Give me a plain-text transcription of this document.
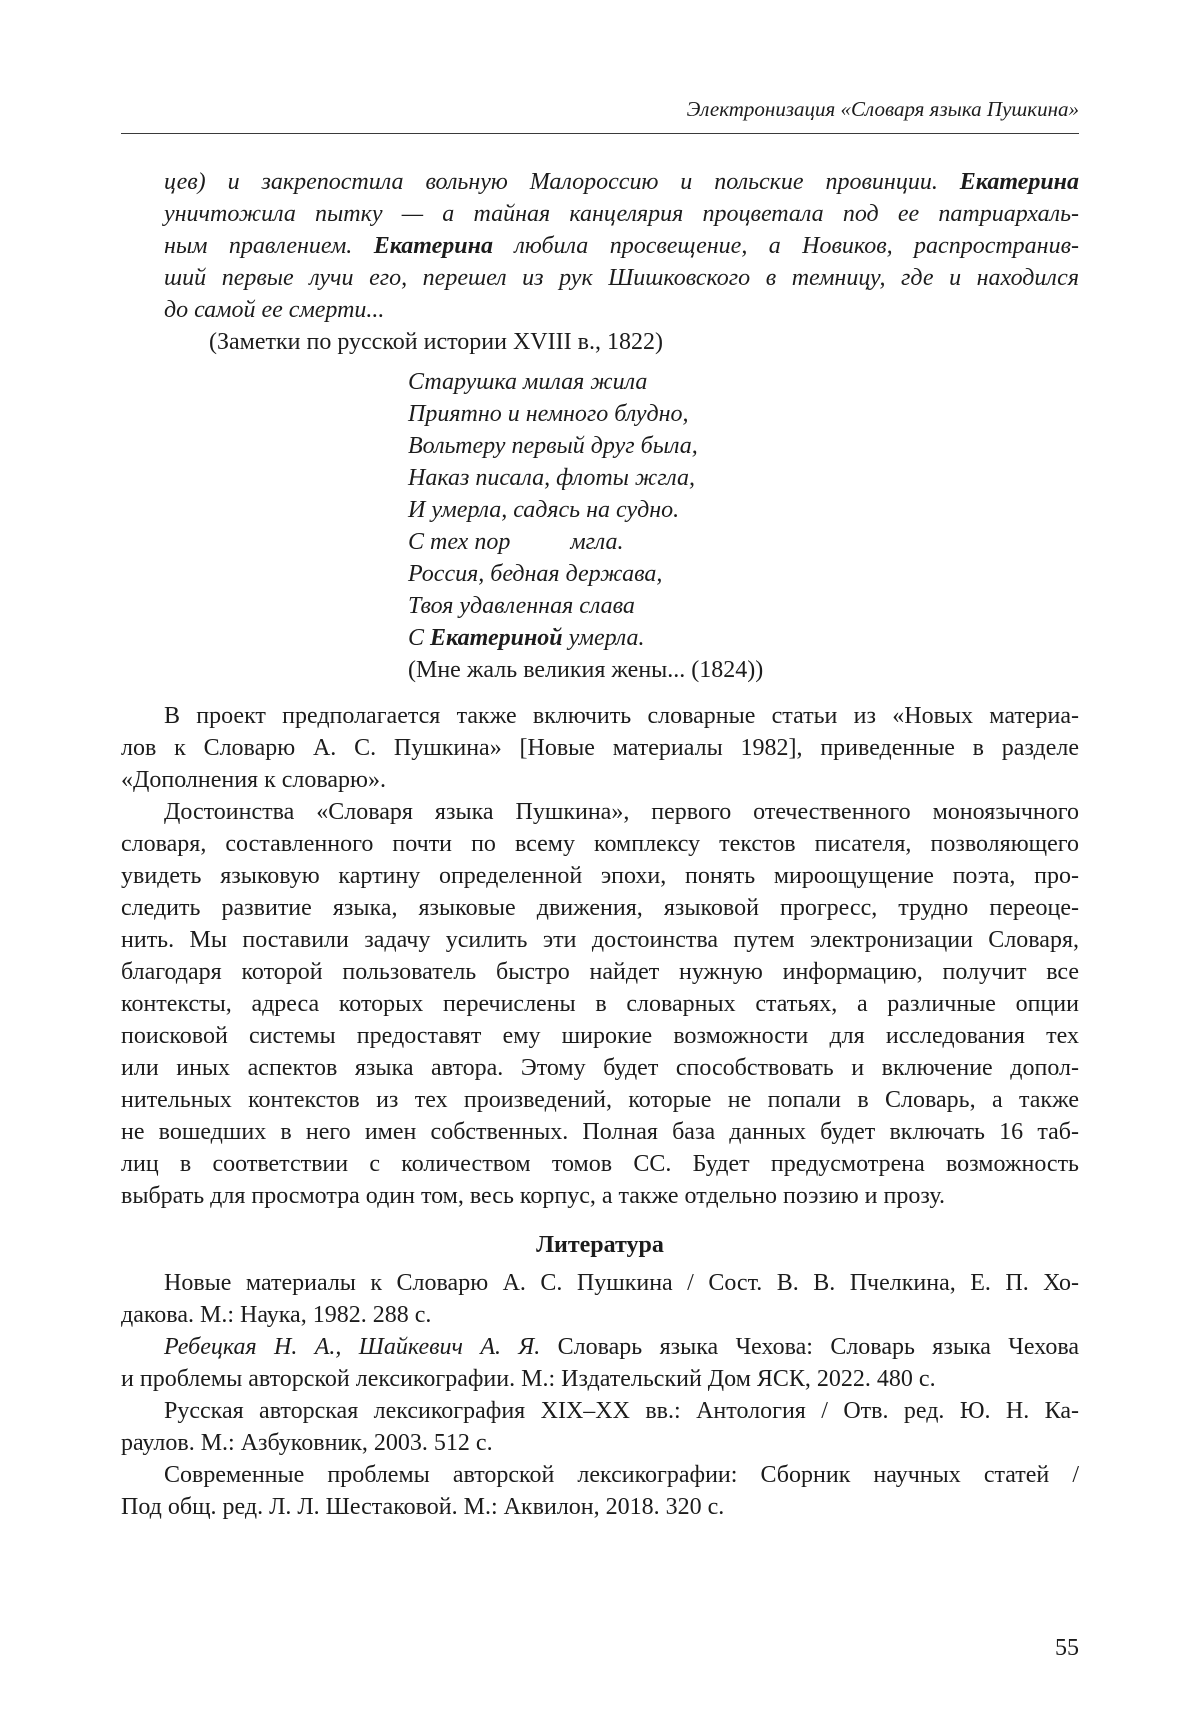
Электронизация «Словаря языка Пушкина»
цев) и закрепостила вольную Малороссию и польские провинции. Екатерина
уничтожила пытку — а тайная канцелярия процветала под ее патриархаль-
ным правлением. Екатерина любила просвещение, а Новиков, распространив-
ший первые лучи его, перешел из рук Шишковского в темницу, где и находился
до самой ее смерти...
(Заметки по русской истории XVIII в., 1822)
Старушка милая жила
Приятно и немного блудно,
Вольтеру первый друг была,
Наказ писала, флоты жгла,
И умерла, садясь на судно.
С тех пор          мгла.
Россия, бедная держава,
Твоя удавленная слава
С Екатериной умерла.
(Мне жаль великия жены... (1824))
В проект предполагается также включить словарные статьи из «Новых материа-
лов к Словарю А. С. Пушкина» [Новые материалы 1982], приведенные в разделе
«Дополнения к словарю».
Достоинства «Словаря языка Пушкина», первого отечественного моноязычного
словаря, составленного почти по всему комплексу текстов писателя, позволяющего
увидеть языковую картину определенной эпохи, понять мироощущение поэта, про-
следить развитие языка, языковые движения, языковой прогресс, трудно переоце-
нить. Мы поставили задачу усилить эти достоинства путем электронизации Словаря,
благодаря которой пользователь быстро найдет нужную информацию, получит все
контексты, адреса которых перечислены в словарных статьях, а различные опции
поисковой системы предоставят ему широкие возможности для исследования тех
или иных аспектов языка автора. Этому будет способствовать и включение допол-
нительных контекстов из тех произведений, которые не попали в Словарь, а также
не вошедших в него имен собственных. Полная база данных будет включать 16 таб-
лиц в соответствии с количеством томов СС. Будет предусмотрена возможность
выбрать для просмотра один том, весь корпус, а также отдельно поэзию и прозу.
Литература
Новые материалы к Словарю А. С. Пушкина / Сост. В. В. Пчелкина, Е. П. Хо-
дакова. М.: Наука, 1982. 288 с.
Ребецкая Н. А., Шайкевич А. Я. Словарь языка Чехова: Словарь языка Чехова
и проблемы авторской лексикографии. М.: Издательский Дом ЯСК, 2022. 480 с.
Русская авторская лексикография XIX–XX вв.: Антология / Отв. ред. Ю. Н. Ка-
раулов. М.: Азбуковник, 2003. 512 с.
Современные проблемы авторской лексикографии: Сборник научных статей /
Под общ. ред. Л. Л. Шестаковой. М.: Аквилон, 2018. 320 с.
55
